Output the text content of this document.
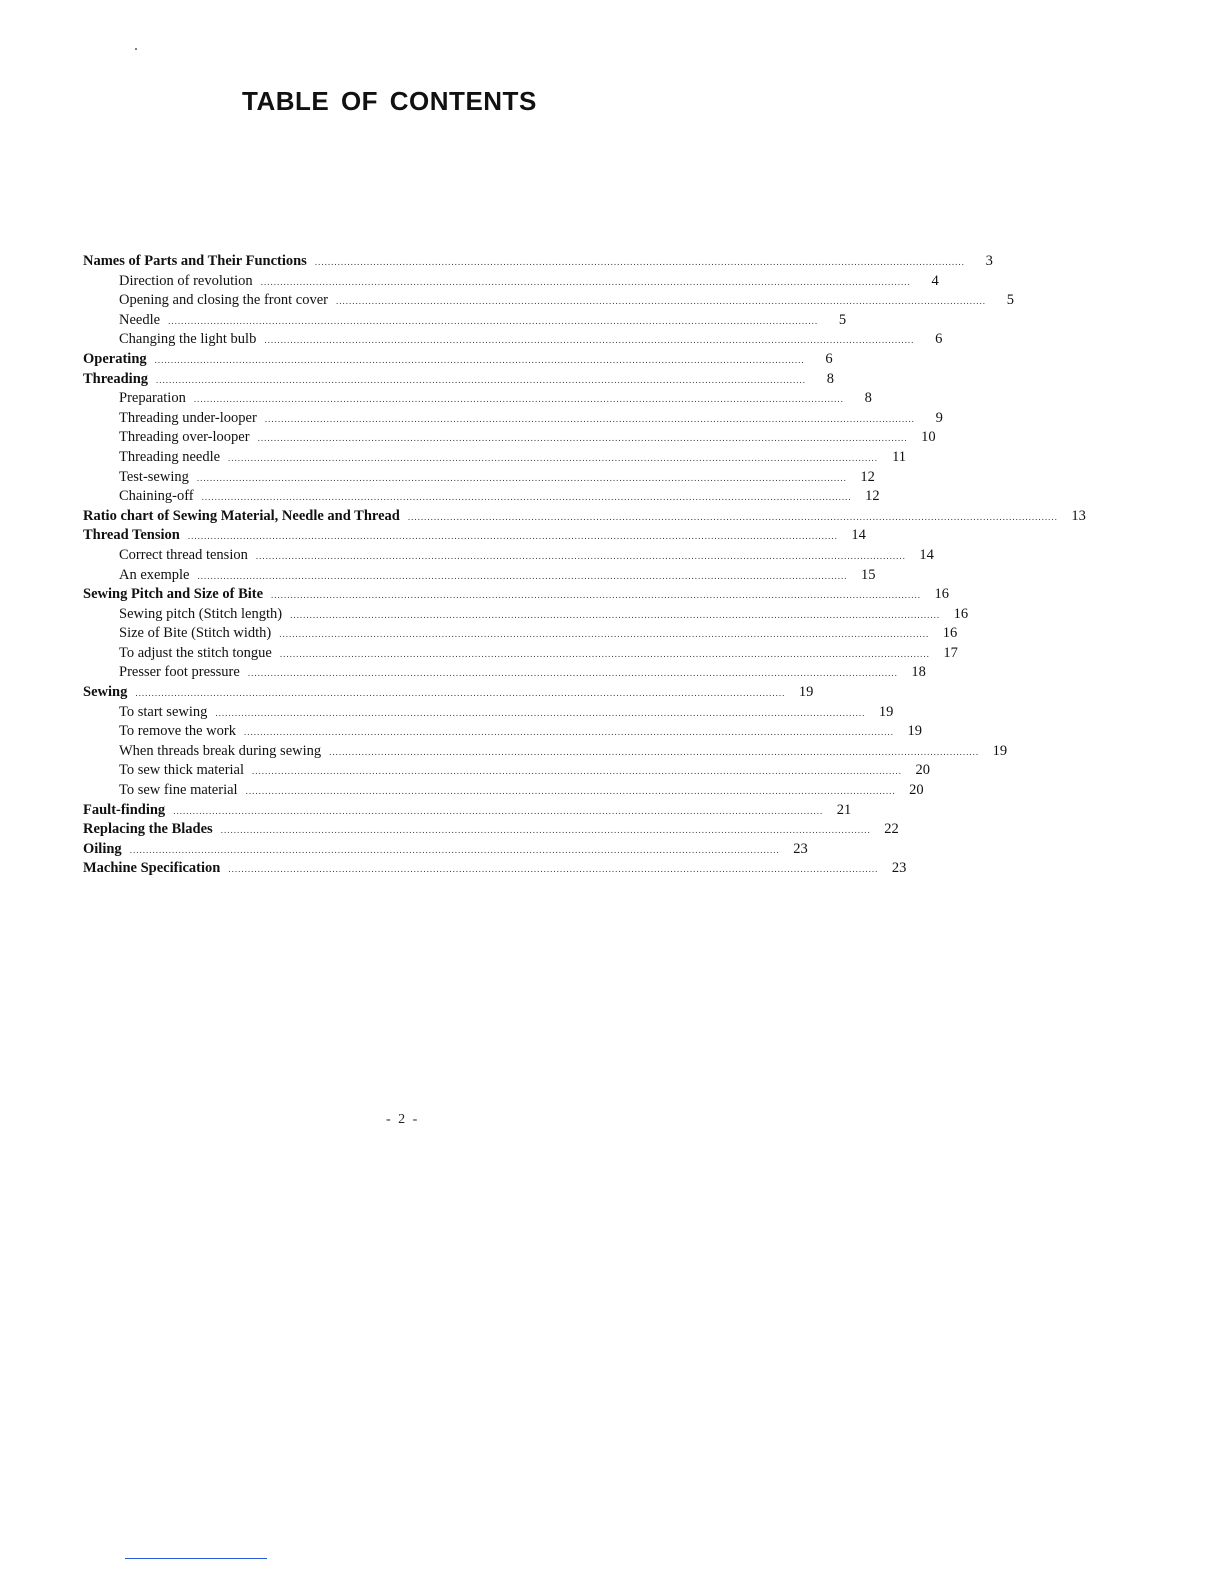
TABLE OF CONTENTS
Names of Parts and Their Functions ........................................................................................................................................................................................................	3
Direction of revolution ........................................................................................................................................................................................................	4
Opening and closing the front cover ........................................................................................................................................................................................................	5
Needle ........................................................................................................................................................................................................	5
Changing the light bulb ........................................................................................................................................................................................................	6
Operating ........................................................................................................................................................................................................	6
Threading ........................................................................................................................................................................................................	8
Preparation ........................................................................................................................................................................................................	8
Threading under-looper ........................................................................................................................................................................................................	9
Threading over-looper ........................................................................................................................................................................................................ 10
Threading needle ........................................................................................................................................................................................................ 11
Test-sewing ........................................................................................................................................................................................................ 12
Chaining-off ........................................................................................................................................................................................................ 12
Ratio chart of Sewing Material, Needle and Thread ........................................................................................................................................................................................................ 13
Thread Tension ........................................................................................................................................................................................................ 14
Correct thread tension ........................................................................................................................................................................................................ 14
An exemple ........................................................................................................................................................................................................ 15
Sewing Pitch and Size of Bite ........................................................................................................................................................................................................ 16
Sewing pitch (Stitch length) ........................................................................................................................................................................................................ 16
Size of Bite (Stitch width) ........................................................................................................................................................................................................ 16
To adjust the stitch tongue ........................................................................................................................................................................................................ 17
Presser foot pressure ........................................................................................................................................................................................................ 18
Sewing ........................................................................................................................................................................................................ 19
To start sewing ........................................................................................................................................................................................................ 19
To remove the work ........................................................................................................................................................................................................ 19
When threads break during sewing ........................................................................................................................................................................................................ 19
To sew thick material ........................................................................................................................................................................................................ 20
To sew fine material ........................................................................................................................................................................................................ 20
Fault-finding ........................................................................................................................................................................................................ 21
Replacing the Blades ........................................................................................................................................................................................................ 22
Oiling ........................................................................................................................................................................................................ 23
Machine Specification ........................................................................................................................................................................................................ 23
- 2 -
